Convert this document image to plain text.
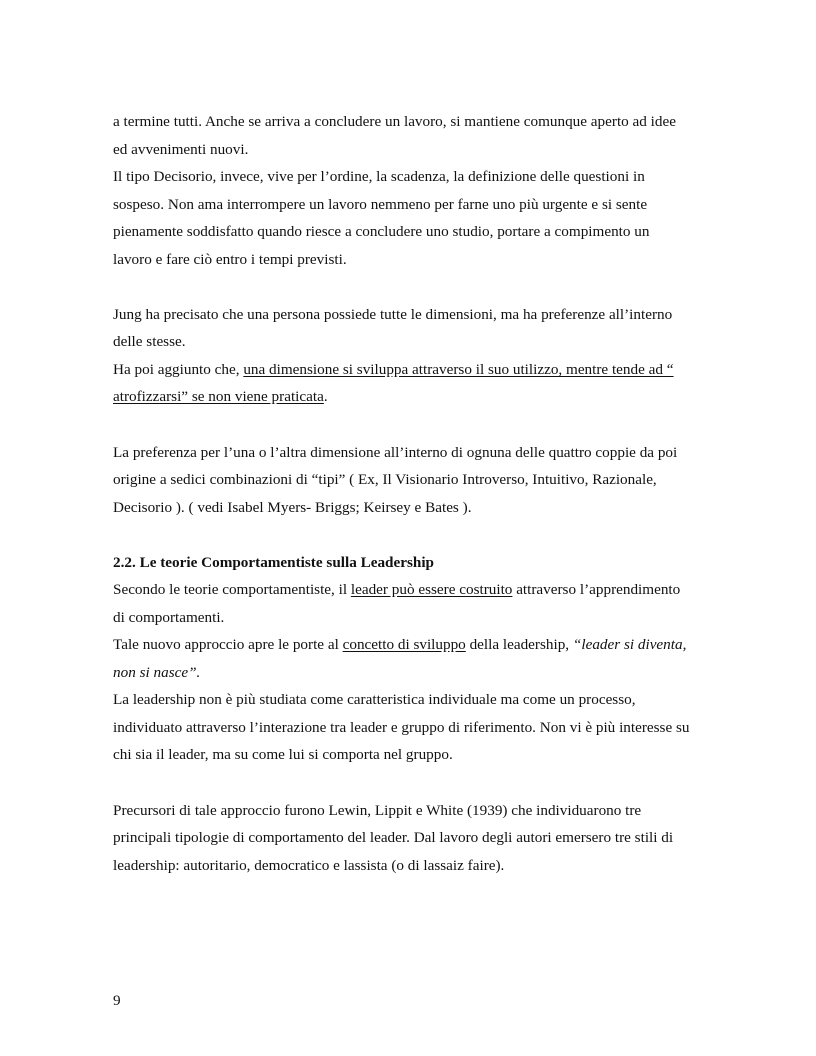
a termine tutti. Anche se arriva a concludere un lavoro, si mantiene comunque aperto ad idee
ed avvenimenti nuovi.
Il tipo Decisorio, invece, vive per l’ordine, la scadenza, la definizione delle questioni in
sospeso. Non ama interrompere un lavoro nemmeno per farne uno più urgente e si sente
pienamente soddisfatto quando riesce a concludere uno studio, portare a compimento un
lavoro e fare ciò entro i tempi previsti.
Jung ha precisato che una persona possiede tutte le dimensioni, ma ha preferenze all’interno
delle stesse.
Ha poi aggiunto che, una dimensione si sviluppa attraverso il suo utilizzo, mentre tende ad “
atrofizzarsi” se non viene praticata.
La preferenza per l’una o l’altra dimensione all’interno di ognuna delle quattro coppie da poi
origine a sedici combinazioni di “tipi” ( Ex, Il Visionario Introverso, Intuitivo, Razionale,
Decisorio ). ( vedi Isabel Myers- Briggs; Keirsey e Bates ).
2.2. Le teorie Comportamentiste sulla Leadership
Secondo le teorie comportamentiste, il leader può essere costruito attraverso l’apprendimento
di comportamenti.
Tale nuovo approccio apre le porte al concetto di sviluppo della leadership, “leader si diventa,
non si nasce”.
La leadership non è più studiata come caratteristica individuale ma come un processo,
individuato attraverso l’interazione tra leader e gruppo di riferimento. Non vi è più interesse su
chi sia il leader, ma su come lui si comporta nel gruppo.
Precursori di tale approccio furono Lewin, Lippit e White (1939) che individuarono tre
principali tipologie di comportamento del leader. Dal lavoro degli autori emersero tre stili di
leadership: autoritario, democratico e lassista (o di lassaiz faire).
9
